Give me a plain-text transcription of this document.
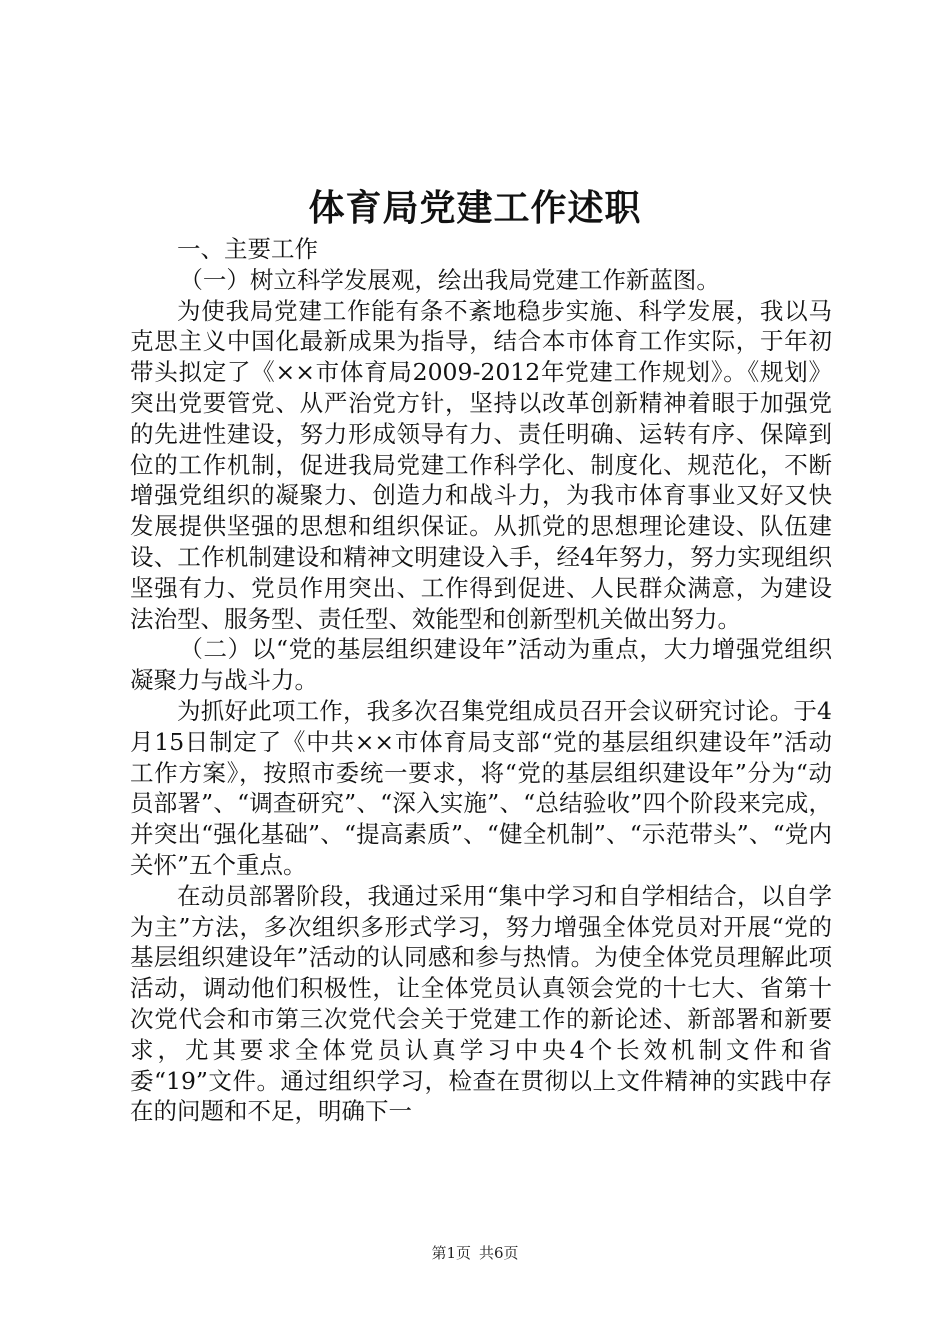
体育局党建工作述职

一、主要工作

（一）树立科学发展观，绘出我局党建工作新蓝图。

为使我局党建工作能有条不紊地稳步实施、科学发展，我以马克思主义中国化最新成果为指导，结合本市体育工作实际，于年初带头拟定了《××市体育局2009-2012年党建工作规划》。《规划》突出党要管党、从严治党方针，坚持以改革创新精神着眼于加强党的先进性建设，努力形成领导有力、责任明确、运转有序、保障到位的工作机制，促进我局党建工作科学化、制度化、规范化，不断增强党组织的凝聚力、创造力和战斗力，为我市体育事业又好又快发展提供坚强的思想和组织保证。从抓党的思想理论建设、队伍建设、工作机制建设和精神文明建设入手，经4年努力，努力实现组织坚强有力、党员作用突出、工作得到促进、人民群众满意，为建设法治型、服务型、责任型、效能型和创新型机关做出努力。

（二）以“党的基层组织建设年”活动为重点，大力增强党组织凝聚力与战斗力。

为抓好此项工作，我多次召集党组成员召开会议研究讨论。于4月15日制定了《中共××市体育局支部“党的基层组织建设年”活动工作方案》，按照市委统一要求，将“党的基层组织建设年”分为“动员部署”、“调查研究”、“深入实施”、“总结验收”四个阶段来完成，并突出“强化基础”、“提高素质”、“健全机制”、“示范带头”、“党内关怀”五个重点。

在动员部署阶段，我通过采用“集中学习和自学相结合，以自学为主”方法，多次组织多形式学习，努力增强全体党员对开展“党的基层组织建设年”活动的认同感和参与热情。为使全体党员理解此项活动，调动他们积极性，让全体党员认真领会党的十七大、省第十次党代会和市第三次党代会关于党建工作的新论述、新部署和新要求，尤其要求全体党员认真学习中央4个长效机制文件和省委“19”文件。通过组织学习，检查在贯彻以上文件精神的实践中存在的问题和不足，明确下一

第1页 共6页
